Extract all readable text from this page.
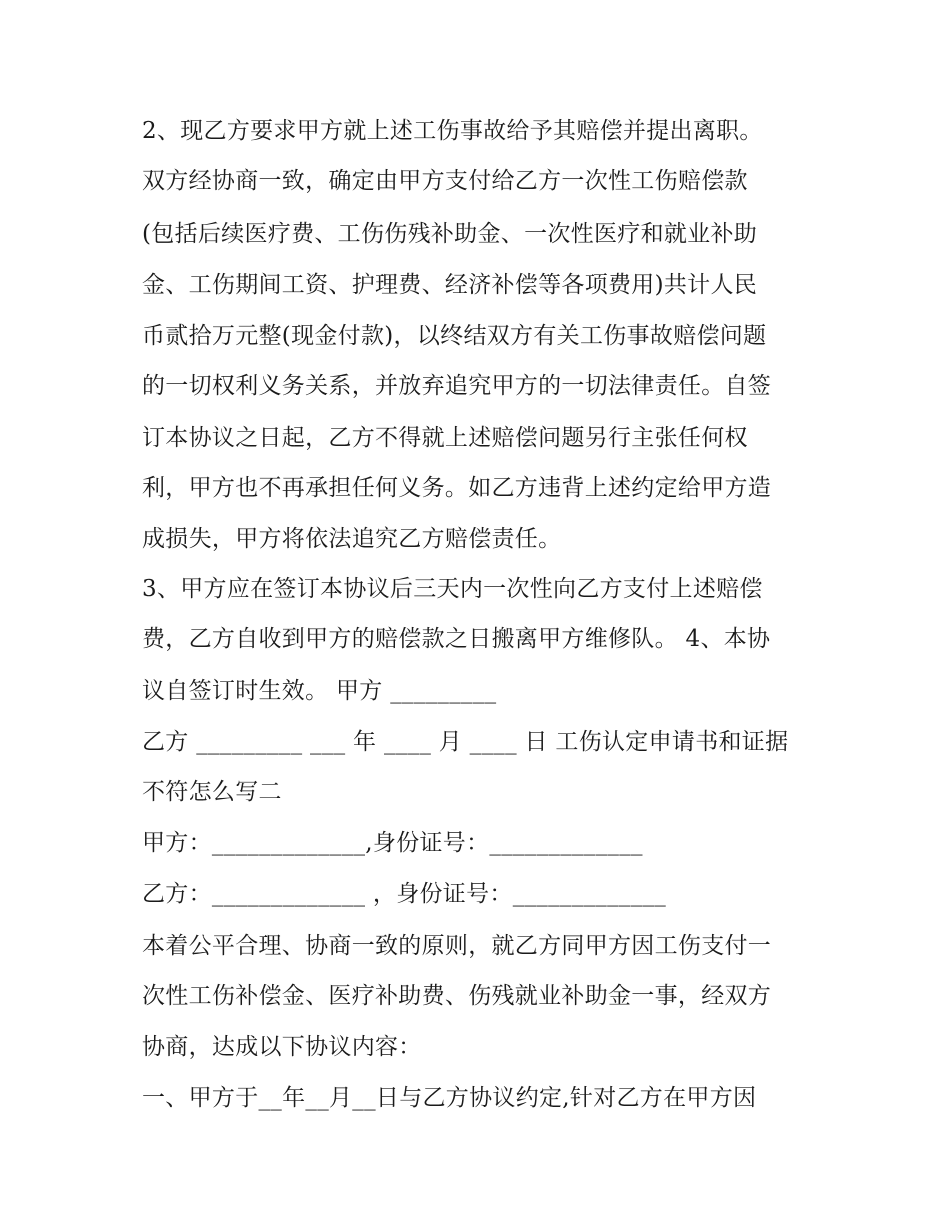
2、现乙方要求甲方就上述工伤事故给予其赔偿并提出离职。
双方经协商一致，确定由甲方支付给乙方一次性工伤赔偿款
(包括后续医疗费、工伤伤残补助金、一次性医疗和就业补助
金、工伤期间工资、护理费、经济补偿等各项费用)共计人民
币贰拾万元整(现金付款)，以终结双方有关工伤事故赔偿问题
的一切权利义务关系，并放弃追究甲方的一切法律责任。自签
订本协议之日起，乙方不得就上述赔偿问题另行主张任何权
利，甲方也不再承担任何义务。如乙方违背上述约定给甲方造
成损失，甲方将依法追究乙方赔偿责任。
3、甲方应在签订本协议后三天内一次性向乙方支付上述赔偿
费，乙方自收到甲方的赔偿款之日搬离甲方维修队。 4、本协
议自签订时生效。 甲方 _________
乙方 _________ ___ 年 ____ 月 ____ 日 工伤认定申请书和证据
不符怎么写二
甲方：_____________,身份证号：_____________
乙方：_____________ ，身份证号：_____________
本着公平合理、协商一致的原则，就乙方同甲方因工伤支付一
次性工伤补偿金、医疗补助费、伤残就业补助金一事，经双方
协商，达成以下协议内容：
一、甲方于__年__月__日与乙方协议约定,针对乙方在甲方因
